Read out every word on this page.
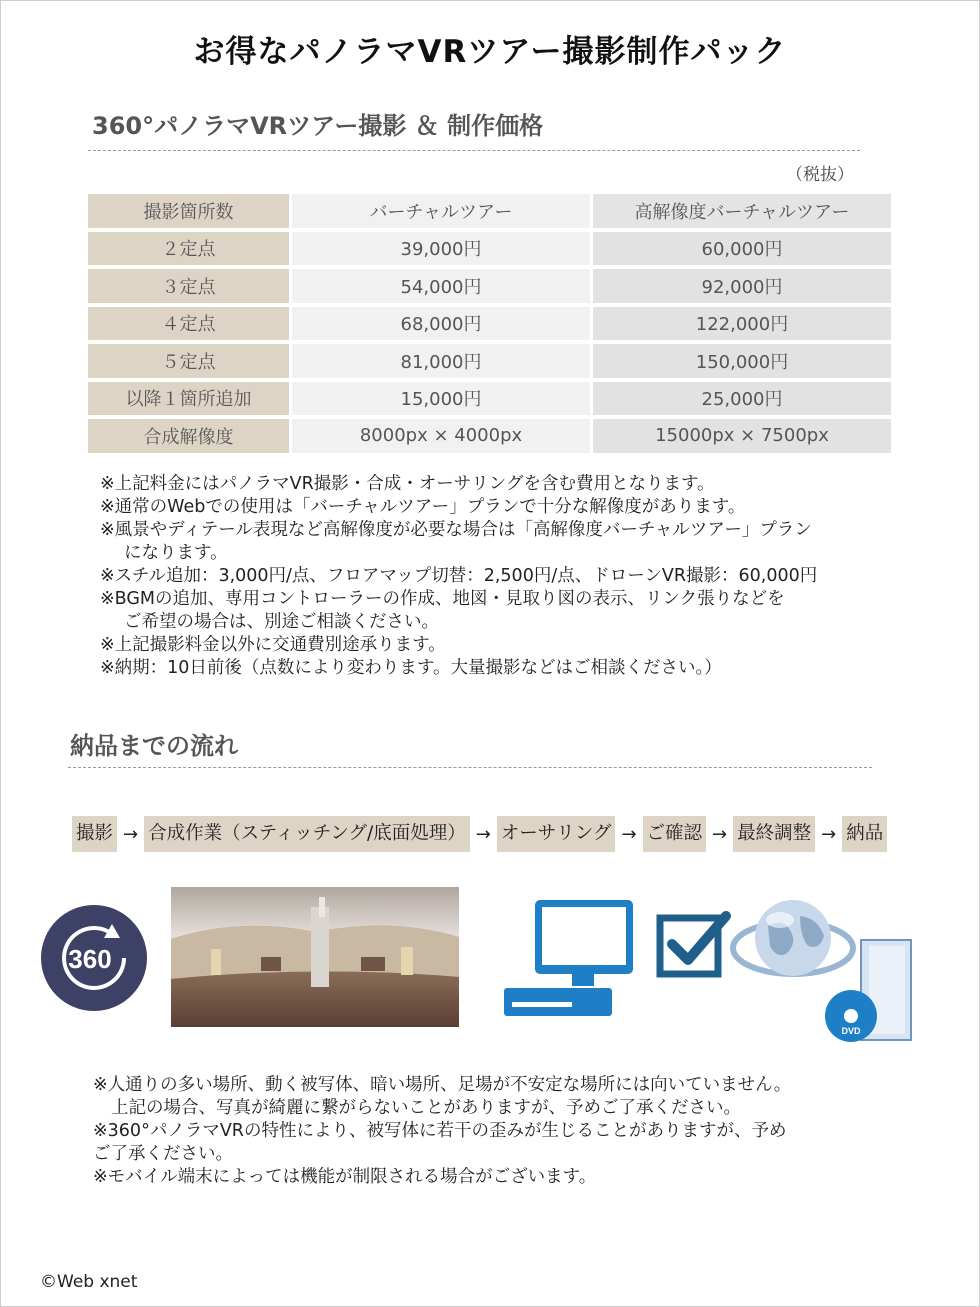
お得なパノラマVRツアー撮影制作パック
360°パノラマVRツアー撮影 ＆ 制作価格
（税抜）
撮影箇所数	バーチャルツアー	高解像度バーチャルツアー
２定点	39,000円	60,000円
３定点	54,000円	92,000円
４定点	68,000円	122,000円
５定点	81,000円	150,000円
以降１箇所追加	15,000円	25,000円
合成解像度	8000px × 4000px	15000px × 7500px
※上記料金にはパノラマVR撮影・合成・オーサリングを含む費用となります。
※通常のWebでの使用は「バーチャルツアー」プランで十分な解像度があります。
※風景やディテール表現など高解像度が必要な場合は「高解像度バーチャルツアー」プラン
になります。
※スチル追加：3,000円/点、フロアマップ切替：2,500円/点、ドローンVR撮影：60,000円
※BGMの追加、専用コントローラーの作成、地図・見取り図の表示、リンク張りなどを
ご希望の場合は、別途ご相談ください。
※上記撮影料金以外に交通費別途承ります。
※納期：10日前後（点数により変わります。大量撮影などはご相談ください。）
納品までの流れ
撮影 → 合成作業（スティッチング/底面処理） → オーサリング → ご確認 → 最終調整 → 納品
360
DVD
※人通りの多い場所、動く被写体、暗い場所、足場が不安定な場所には向いていません。
上記の場合、写真が綺麗に繋がらないことがありますが、予めご了承ください。
※360°パノラマVRの特性により、被写体に若干の歪みが生じることがありますが、予め
ご了承ください。
※モバイル端末によっては機能が制限される場合がございます。
©Web xnet
